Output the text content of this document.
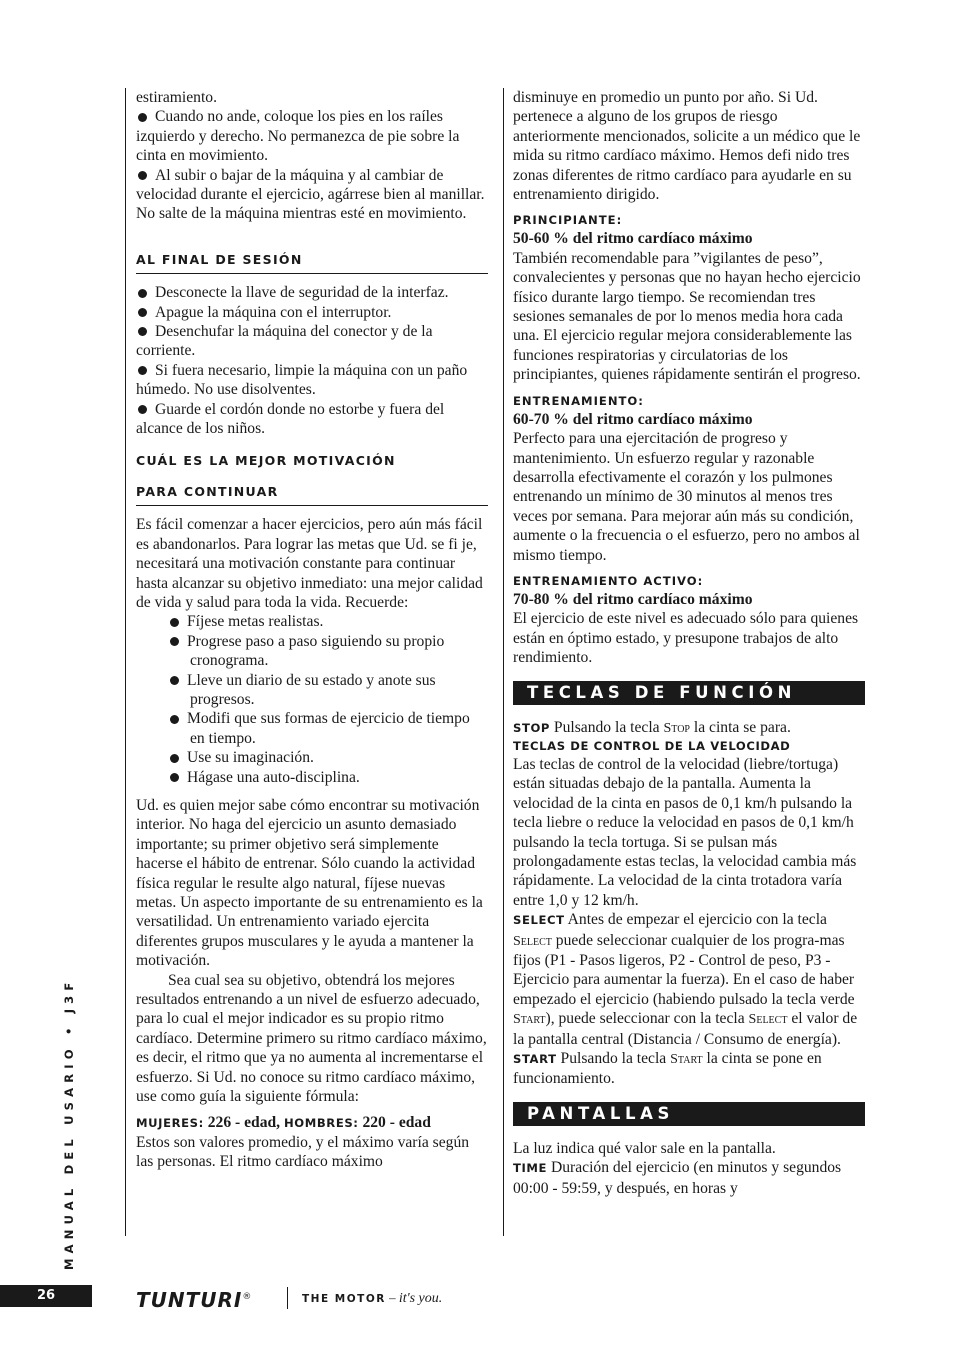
estiramiento.

Cuando no ande, coloque los pies en los raíles izquierdo y derecho. No permanezca de pie sobre la cinta en movimiento.

Al subir o bajar de la máquina y al cambiar de velocidad durante el ejercicio, agárrese bien al manillar. No salte de la máquina mientras esté en movimiento.

AL FINAL DE SESIÓN

Desconecte la llave de seguridad de la interfaz.

Apague la máquina con el interruptor.

Desenchufar la máquina del conector y de la corriente.

Si fuera necesario, limpie la máquina con un paño húmedo. No use disolventes.

Guarde el cordón donde no estorbe y fuera del alcance de los niños.

CUÁL ES LA MEJOR MOTIVACIÓN
PARA CONTINUAR

Es fácil comenzar a hacer ejercicios, pero aún más fácil es abandonarlos. Para lograr las metas que Ud. se fi je, necesitará una motivación constante para continuar hasta alcanzar su objetivo inmediato: una mejor calidad de vida y salud para toda la vida. Recuerde:

Fíjese metas realistas.

Progrese paso a paso siguiendo su propio cronograma.

Lleve un diario de su estado y anote sus progresos.

Modifi que sus formas de ejercicio de tiempo en tiempo.

Use su imaginación.

Hágase una auto-disciplina.

Ud. es quien mejor sabe cómo encontrar su motivación interior. No haga del ejercicio un asunto demasiado importante; su primer objetivo será simplemente hacerse el hábito de entrenar. Sólo cuando la actividad física regular le resulte algo natural, fíjese nuevas metas. Un aspecto importante de su entrenamiento es la versatilidad. Un entrenamiento variado ejercita diferentes grupos musculares y le ayuda a mantener la motivación.

Sea cual sea su objetivo, obtendrá los mejores resultados entrenando a un nivel de esfuerzo adecuado, para lo cual el mejor indicador es su propio ritmo cardíaco. Determine primero su ritmo cardíaco máximo, es decir, el ritmo que ya no aumenta al incrementarse el esfuerzo. Si Ud. no conoce su ritmo cardíaco máximo, use como guía la siguiente fórmula:

MUJERES: 226 - edad, HOMBRES: 220 - edad

Estos son valores promedio, y el máximo varía según las personas. El ritmo cardíaco máximo

disminuye en promedio un punto por año. Si Ud. pertenece a alguno de los grupos de riesgo anteriormente mencionados, solicite a un médico que le mida su ritmo cardíaco máximo. Hemos defi nido tres zonas diferentes de ritmo cardíaco para ayudarle en su entrenamiento dirigido.

PRINCIPIANTE:

50-60 % del ritmo cardíaco máximo

También recomendable para ”vigilantes de peso”, convalecientes y personas que no hayan hecho ejercicio físico durante largo tiempo. Se recomiendan tres sesiones semanales de por lo menos media hora cada una. El ejercicio regular mejora considerablemente las funciones respiratorias y circulatorias de los principiantes, quienes rápidamente sentirán el progreso.

ENTRENAMIENTO:

60-70 % del ritmo cardíaco máximo

Perfecto para una ejercitación de progreso y mantenimiento. Un esfuerzo regular y razonable desarrolla efectivamente el corazón y los pulmones entrenando un mínimo de 30 minutos al menos tres veces por semana. Para mejorar aún más su condición, aumente o la frecuencia o el esfuerzo, pero no ambos al mismo tiempo.

ENTRENAMIENTO ACTIVO:

70-80 % del ritmo cardíaco máximo

El ejercicio de este nivel es adecuado sólo para quienes están en óptimo estado, y presupone trabajos de alto rendimiento.

TECLAS DE FUNCIÓN

STOP Pulsando la tecla Stop la cinta se para.

TECLAS DE CONTROL DE LA VELOCIDAD

Las teclas de control de la velocidad (liebre/tortuga) están situadas debajo de la pantalla. Aumenta la velocidad de la cinta en pasos de 0,1 km/h pulsando la tecla liebre o reduce la velocidad en pasos de 0,1 km/h pulsando la tecla tortuga. Si se pulsan más prolongadamente estas teclas, la velocidad cambia más rápidamente. La velocidad de la cinta trotadora varía entre 1,0 y 12 km/h.

SELECT Antes de empezar el ejercicio con la tecla Select puede seleccionar cualquier de los progra-mas fijos (P1 - Pasos ligeros, P2 - Control de peso, P3 - Ejercicio para aumentar la fuerza). En el caso de haber empezado el ejercicio (habiendo pulsado la tecla verde Start), puede seleccionar con la tecla Select el valor de la pantalla central (Distancia / Consumo de energía).

START Pulsando la tecla Start la cinta se pone en funcionamiento.

PANTALLAS

La luz indica qué valor sale en la pantalla.

TIME Duración del ejercicio (en minutos y segundos 00:00 - 59:59, y después, en horas y

MANUAL DEL USARIO • J3F
26	TUNTURI®	THE MOTOR – it's you.
